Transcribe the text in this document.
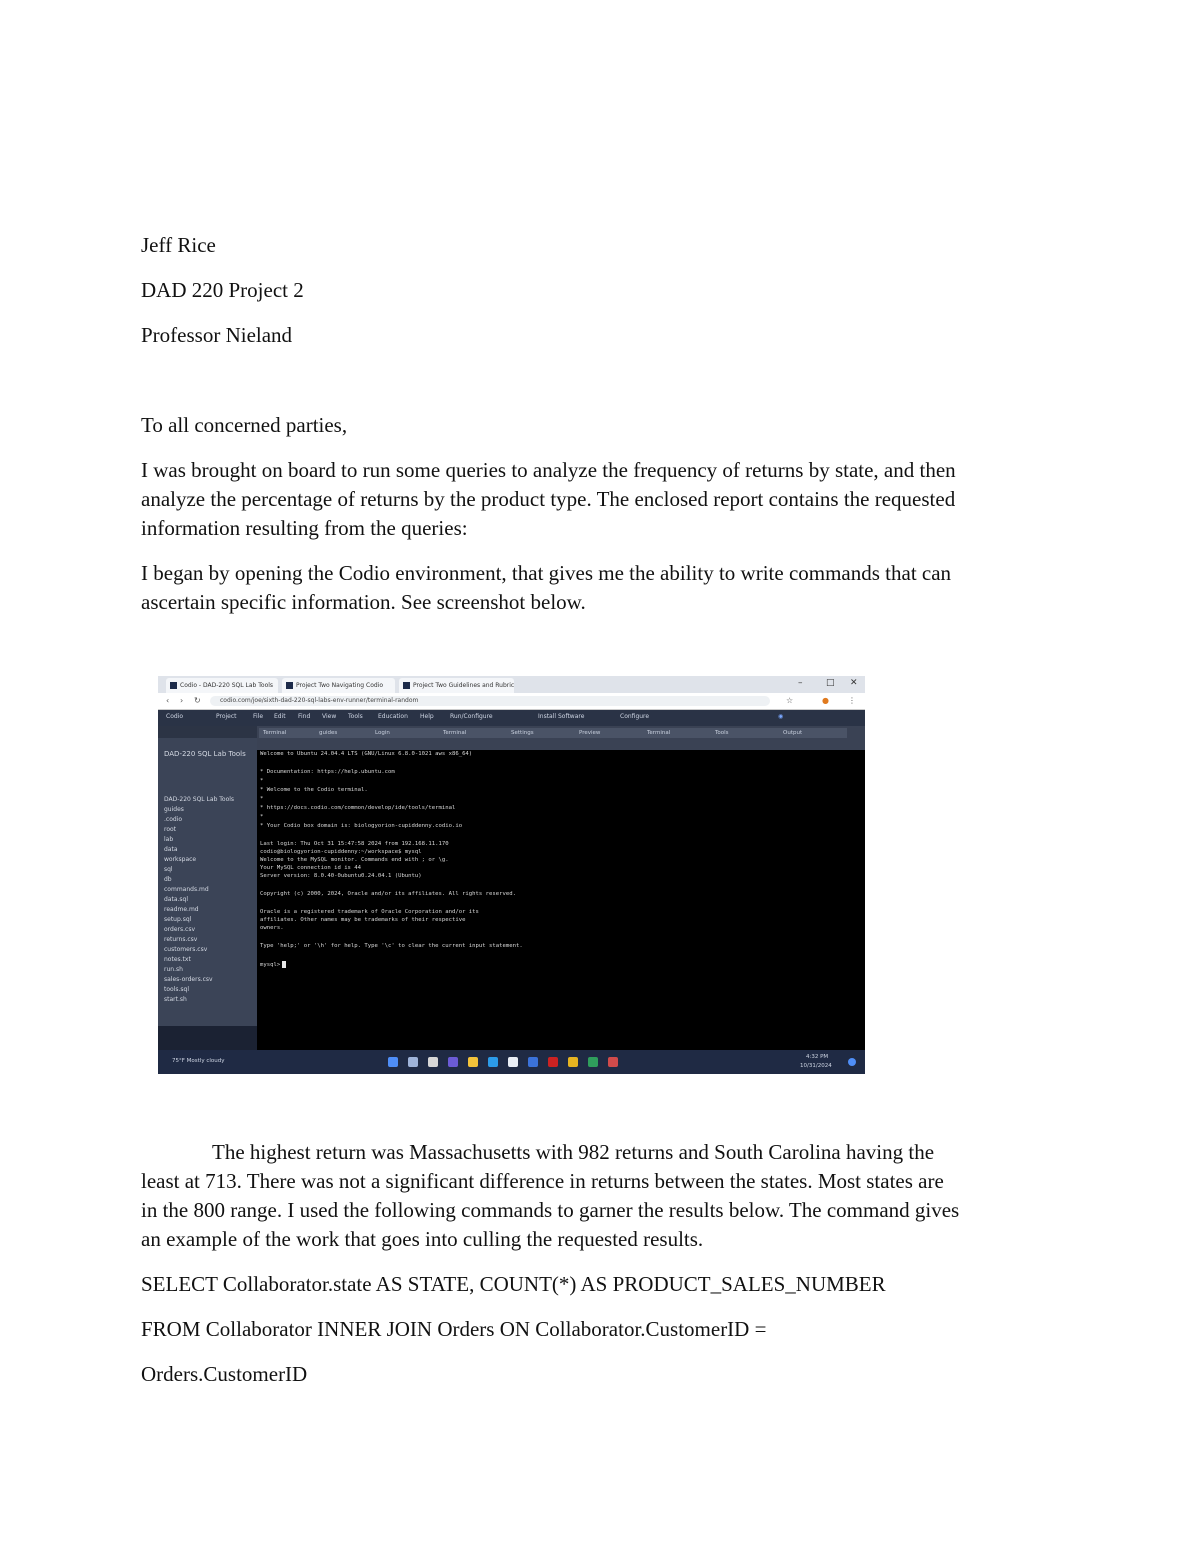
Jeff Rice
DAD 220 Project 2
Professor Nieland
To all concerned parties,
I was brought on board to run some queries to analyze the frequency of returns by state, and then
analyze the percentage of returns by the product type. The enclosed report contains the requested
information resulting from the queries:
I began by opening the Codio environment, that gives me the ability to write commands that can
ascertain specific information. See screenshot below.
Codio - DAD-220 SQL Lab Tools	Project Two Navigating Codio	Project Two Guidelines and Rubric	–	□ ✕
‹ › ↻	codio.com/joe/sixth-dad-220-sql-labs-env-runner/terminal-random	☆	● ⋮
Codio	Project	File Edit Find View Tools	Education Help	Run/Configure	Install Software	Configure	◉
DAD-220 SQL Lab Tools
DAD-220 SQL Lab Tools
guides
.codio
root
lab
data
workspace
sql
db
commands.md
data.sql
readme.md
setup.sql
orders.csv
returns.csv
customers.csv
notes.txt
run.sh
sales-orders.csv
tools.sql
start.sh
Terminal	guides	Login	Terminal	Settings	Preview	Terminal	Tools	Output
Welcome to Ubuntu 24.04.4 LTS (GNU/Linux 6.8.0-1021 aws x86_64)
* Documentation: https://help.ubuntu.com
*
* Welcome to the Codio terminal.
*
* https://docs.codio.com/common/develop/ide/tools/terminal
*
* Your Codio box domain is: biologyorion-cupiddenny.codio.io
Last login: Thu Oct 31 15:47:58 2024 from 192.168.11.170
codio@biologyorion-cupiddenny:~/workspace$ mysql
Welcome to the MySQL monitor. Commands end with ; or \g.
Your MySQL connection id is 44
Server version: 8.0.40-0ubuntu0.24.04.1 (Ubuntu)
Copyright (c) 2000, 2024, Oracle and/or its affiliates. All rights reserved.
Oracle is a registered trademark of Oracle Corporation and/or its
affiliates. Other names may be trademarks of their respective
owners.
Type 'help;' or '\h' for help. Type '\c' to clear the current input statement.
mysql>
75°F Mostly cloudy
4:32 PM
10/31/2024
The highest return was Massachusetts with 982 returns and South Carolina having the
least at 713. There was not a significant difference in returns between the states. Most states are
in the 800 range. I used the following commands to garner the results below. The command gives
an example of the work that goes into culling the requested results.
SELECT Collaborator.state AS STATE, COUNT(*) AS PRODUCT_SALES_NUMBER
FROM Collaborator INNER JOIN Orders ON Collaborator.CustomerID =
Orders.CustomerID
